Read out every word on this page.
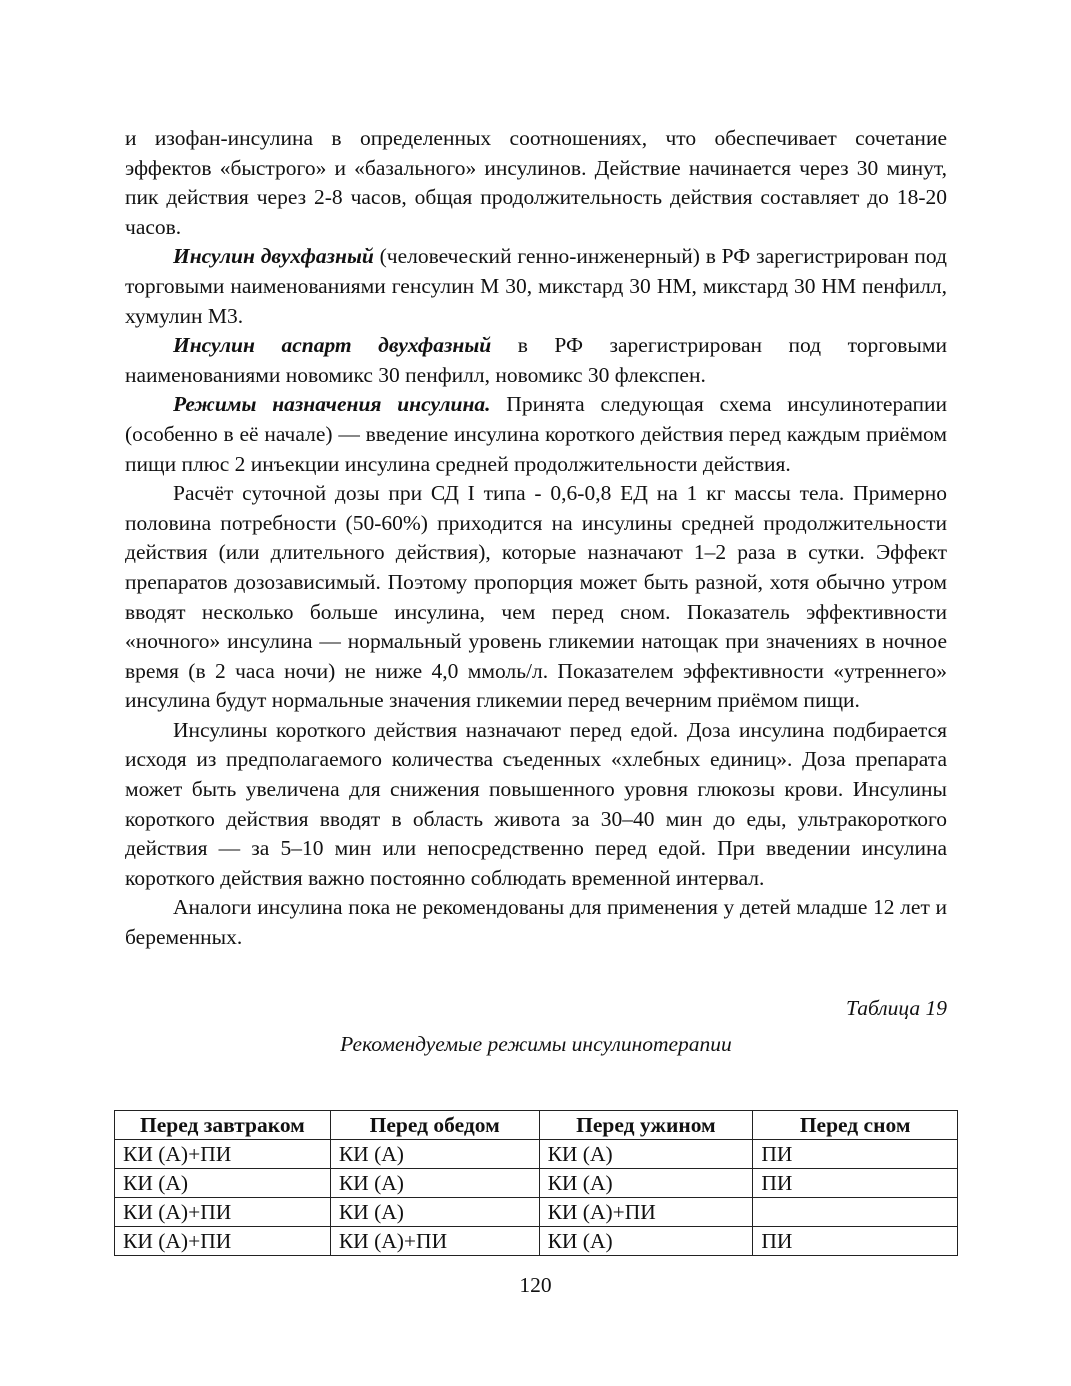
и изофан-инсулина в определенных соотношениях, что обеспечивает сочетание эффектов «быстрого» и «базального» инсулинов. Действие начинается через 30 минут, пик действия через 2-8 часов, общая продолжительность действия составляет до 18-20 часов.

Инсулин двухфазный (человеческий генно-инженерный) в РФ зарегистрирован под торговыми наименованиями генсулин М 30, микстард 30 НМ, микстард 30 НМ пенфилл, хумулин М3.

Инсулин аспарт двухфазный в РФ зарегистрирован под торговыми наименованиями новомикс 30 пенфилл, новомикс 30 флекспен.

Режимы назначения инсулина. Принята следующая схема инсулинотерапии (особенно в её начале) — введение инсулина короткого действия перед каждым приёмом пищи плюс 2 инъекции инсулина средней продолжительности действия.

Расчёт суточной дозы при СД I типа - 0,6-0,8 ЕД на 1 кг массы тела. Примерно половина потребности (50-60%) приходится на инсулины средней продолжительности действия (или длительного действия), которые назначают 1–2 раза в сутки. Эффект препаратов дозозависимый. Поэтому пропорция может быть разной, хотя обычно утром вводят несколько больше инсулина, чем перед сном. Показатель эффективности «ночного» инсулина — нормальный уровень гликемии натощак при значениях в ночное время (в 2 часа ночи) не ниже 4,0 ммоль/л. Показателем эффективности «утреннего» инсулина будут нормальные значения гликемии перед вечерним приёмом пищи.

Инсулины короткого действия назначают перед едой. Доза инсулина подбирается исходя из предполагаемого количества съеденных «хлебных единиц». Доза препарата может быть увеличена для снижения повышенного уровня глюкозы крови. Инсулины короткого действия вводят в область живота за 30–40 мин до еды, ультракороткого действия — за 5–10 мин или непосредственно перед едой. При введении инсулина короткого действия важно постоянно соблюдать временной интервал.

Аналоги инсулина пока не рекомендованы для применения у детей младше 12 лет и беременных.

Таблица 19

Рекомендуемые режимы инсулинотерапии

Перед завтраком	Перед обедом	Перед ужином	Перед сном
КИ (А)+ПИ	КИ (А)	КИ (А)	ПИ
КИ (А)	КИ (А)	КИ (А)	ПИ
КИ (А)+ПИ	КИ (А)	КИ (А)+ПИ	
КИ (А)+ПИ	КИ (А)+ПИ	КИ (А)	ПИ
120
